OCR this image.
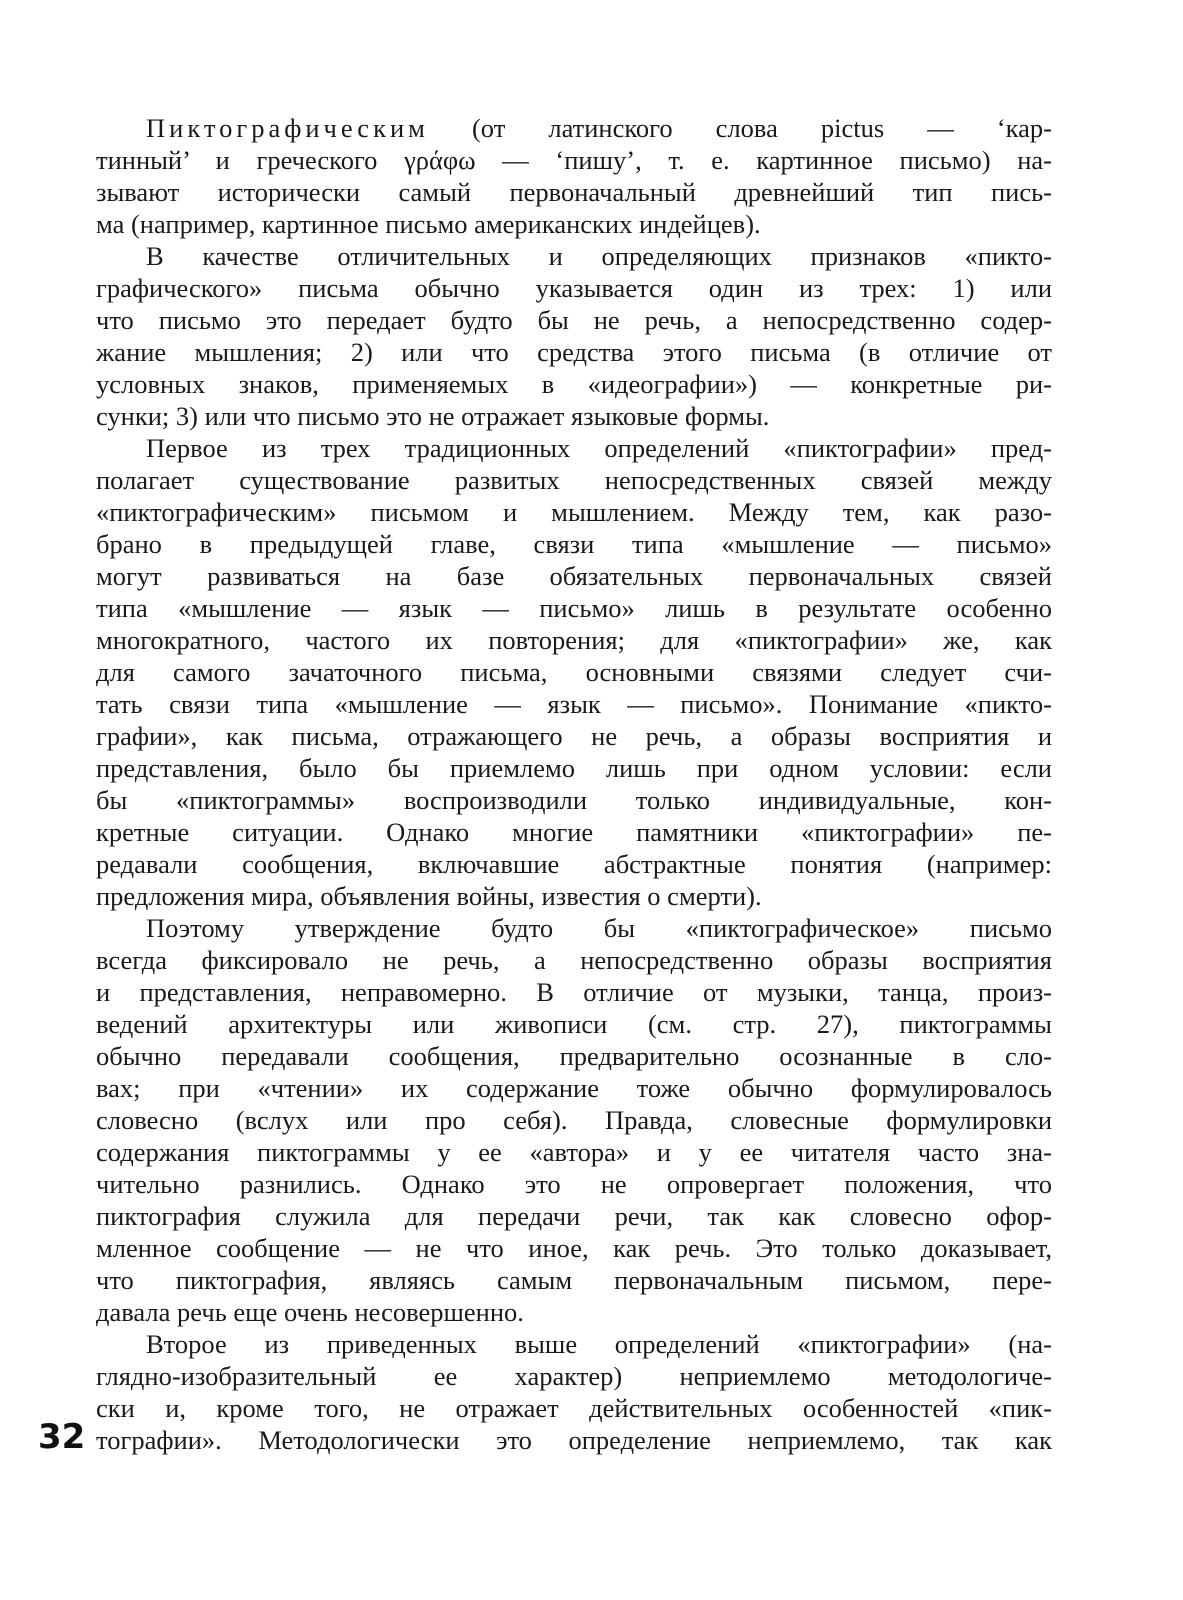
Пиктографическим (от латинского слова pictus — ‘кар-
тинный’ и греческого γράφω — ‘пишу’, т. е. картинное письмо) на-
зывают исторически самый первоначальный древнейший тип пись-
ма (например, картинное письмо американских индейцев).
В качестве отличительных и определяющих признаков «пикто-
графического» письма обычно указывается один из трех: 1) или
что письмо это передает будто бы не речь, а непосредственно содер-
жание мышления; 2) или что средства этого письма (в отличие от
условных знаков, применяемых в «идеографии») — конкретные ри-
сунки; 3) или что письмо это не отражает языковые формы.
Первое из трех традиционных определений «пиктографии» пред-
полагает существование развитых непосредственных связей между
«пиктографическим» письмом и мышлением. Между тем, как разо-
брано в предыдущей главе, связи типа «мышление — письмо»
могут развиваться на базе обязательных первоначальных связей
типа «мышление — язык — письмо» лишь в результате особенно
многократного, частого их повторения; для «пиктографии» же, как
для самого зачаточного письма, основными связями следует счи-
тать связи типа «мышление — язык — письмо». Понимание «пикто-
графии», как письма, отражающего не речь, а образы восприятия и
представления, было бы приемлемо лишь при одном условии: если
бы «пиктограммы» воспроизводили только индивидуальные, кон-
кретные ситуации. Однако многие памятники «пиктографии» пе-
редавали сообщения, включавшие абстрактные понятия (например:
предложения мира, объявления войны, известия о смерти).
Поэтому утверждение будто бы «пиктографическое» письмо
всегда фиксировало не речь, а непосредственно образы восприятия
и представления, неправомерно. В отличие от музыки, танца, произ-
ведений архитектуры или живописи (см. стр. 27), пиктограммы
обычно передавали сообщения, предварительно осознанные в сло-
вах; при «чтении» их содержание тоже обычно формулировалось
словесно (вслух или про себя). Правда, словесные формулировки
содержания пиктограммы у ее «автора» и у ее читателя часто зна-
чительно разнились. Однако это не опровергает положения, что
пиктография служила для передачи речи, так как словесно офор-
мленное сообщение — не что иное, как речь. Это только доказывает,
что пиктография, являясь самым первоначальным письмом, пере-
давала речь еще очень несовершенно.
Второе из приведенных выше определений «пиктографии» (на-
глядно-изобразительный ее характер) неприемлемо методологиче-
ски и, кроме того, не отражает действительных особенностей «пик-
тографии». Методологически это определение неприемлемо, так как
32
